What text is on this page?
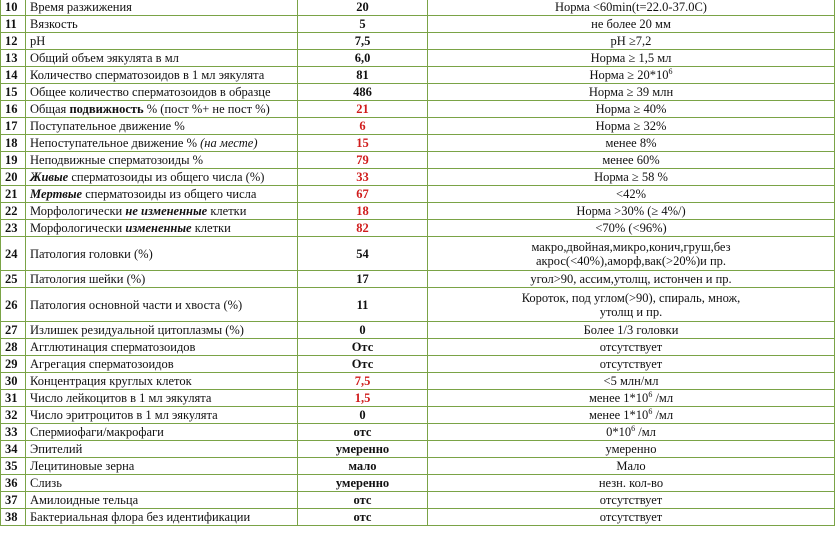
10	Время разжижения	20	Норма <60min(t=22.0-37.0С)
11	Вязкость	5	не более 20 мм
12	pH	7,5	pH ≥7,2
13	Общий объем эякулята в мл	6,0	Норма ≥ 1,5 мл
14	Количество сперматозоидов в 1 мл эякулята	81	Норма ≥ $20*10^6$
15	Общее количество сперматозоидов в образце	486	Норма ≥ 39 млн
16	Общая подвижность % (пост %+ не пост %)	21	Норма ≥ 40%
17	Поступательное движение %	6	Норма ≥ 32%
18	Непоступательное движение % (на месте)	15	менее 8%
19	Неподвижные сперматозоиды %	79	менее 60%
20	Живые сперматозоиды из общего числа (%)	33	Норма ≥ 58 %
21	Мертвые сперматозоиды из общего числа	67	<42%
22	Морфологически не измененные клетки	18	Норма >30% (≥ 4%/)
23	Морфологически измененные клетки	82	<70% (<96%)
24	Патология головки (%)	54	макро,двойная,микро,конич,груш,без
акрос(<40%),аморф,вак(>20%)и пр.
25	Патология шейки (%)	17	угол>90, ассим,утолщ, истончен и пр.
26	Патология основной части и хвоста (%)	11	Короток, под углом(>90), спираль, множ,
утолщ и пр.
27	Излишек резидуальной цитоплазмы (%)	0	Более 1/3 головки
28	Агглютинация сперматозоидов	Отс	отсутствует
29	Агрегация сперматозоидов	Отс	отсутствует
30	Концентрация круглых клеток	7,5	<5 млн/мл
31	Число лейкоцитов в 1 мл эякулята	1,5	менее $1*10^6$ /мл
32	Число эритроцитов в 1 мл эякулята	0	менее $1*10^6$ /мл
33	Спермиофаги/макрофаги	отс	$0*10^6$ /мл
34	Эпителий	умеренно	умеренно
35	Лецитиновые зерна	мало	Мало
36	Слизь	умеренно	незн. кол-во
37	Амилоидные тельца	отс	отсутствует
38	Бактериальная флора без идентификации	отс	отсутствует
